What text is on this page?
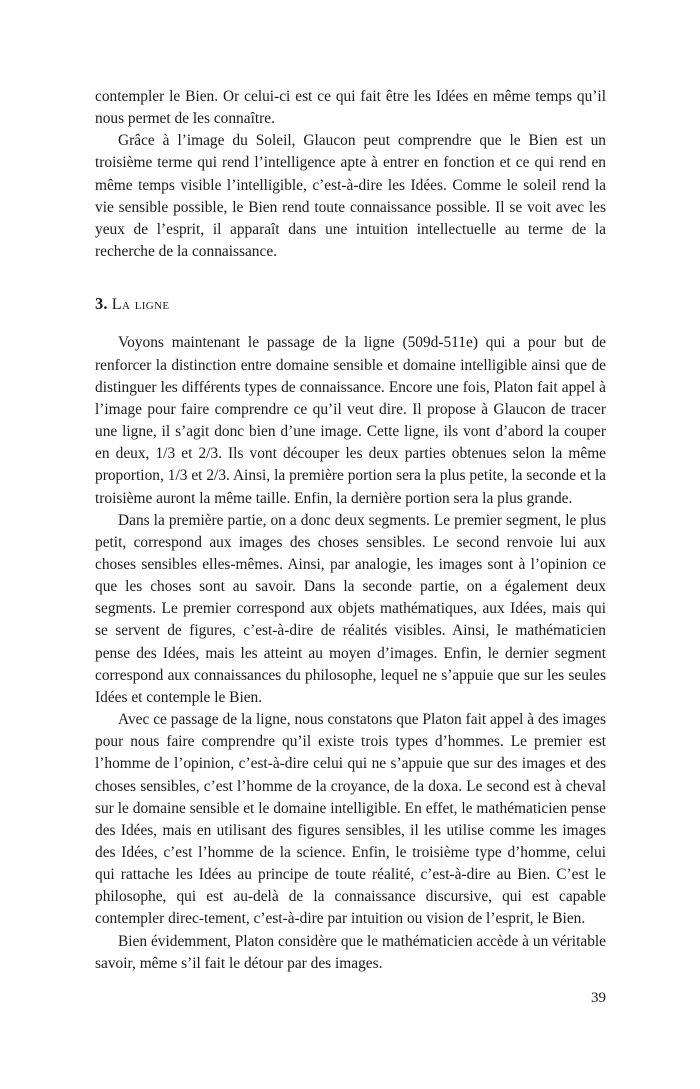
contempler le Bien. Or celui-ci est ce qui fait être les Idées en même temps qu’il nous permet de les connaître.

Grâce à l’image du Soleil, Glaucon peut comprendre que le Bien est un troisième terme qui rend l’intelligence apte à entrer en fonction et ce qui rend en même temps visible l’intelligible, c’est-à-dire les Idées. Comme le soleil rend la vie sensible possible, le Bien rend toute connaissance possible. Il se voit avec les yeux de l’esprit, il apparaît dans une intuition intellectuelle au terme de la recherche de la connaissance.

3. La ligne

Voyons maintenant le passage de la ligne (509d-511e) qui a pour but de renforcer la distinction entre domaine sensible et domaine intelligible ainsi que de distinguer les différents types de connaissance. Encore une fois, Platon fait appel à l’image pour faire comprendre ce qu’il veut dire. Il propose à Glaucon de tracer une ligne, il s’agit donc bien d’une image. Cette ligne, ils vont d’abord la couper en deux, 1/3 et 2/3. Ils vont découper les deux parties obtenues selon la même proportion, 1/3 et 2/3. Ainsi, la première portion sera la plus petite, la seconde et la troisième auront la même taille. Enfin, la dernière portion sera la plus grande.

Dans la première partie, on a donc deux segments. Le premier segment, le plus petit, correspond aux images des choses sensibles. Le second renvoie lui aux choses sensibles elles-mêmes. Ainsi, par analogie, les images sont à l’opinion ce que les choses sont au savoir. Dans la seconde partie, on a également deux segments. Le premier correspond aux objets mathématiques, aux Idées, mais qui se servent de figures, c’est-à-dire de réalités visibles. Ainsi, le mathématicien pense des Idées, mais les atteint au moyen d’images. Enfin, le dernier segment correspond aux connaissances du philosophe, lequel ne s’appuie que sur les seules Idées et contemple le Bien.

Avec ce passage de la ligne, nous constatons que Platon fait appel à des images pour nous faire comprendre qu’il existe trois types d’hommes. Le premier est l’homme de l’opinion, c’est-à-dire celui qui ne s’appuie que sur des images et des choses sensibles, c’est l’homme de la croyance, de la doxa. Le second est à cheval sur le domaine sensible et le domaine intelligible. En effet, le mathématicien pense des Idées, mais en utilisant des figures sensibles, il les utilise comme les images des Idées, c’est l’homme de la science. Enfin, le troisième type d’homme, celui qui rattache les Idées au principe de toute réalité, c’est-à-dire au Bien. C’est le philosophe, qui est au-delà de la connaissance discursive, qui est capable contempler direc-tement, c’est-à-dire par intuition ou vision de l’esprit, le Bien.

Bien évidemment, Platon considère que le mathématicien accède à un véritable savoir, même s’il fait le détour par des images.

39
